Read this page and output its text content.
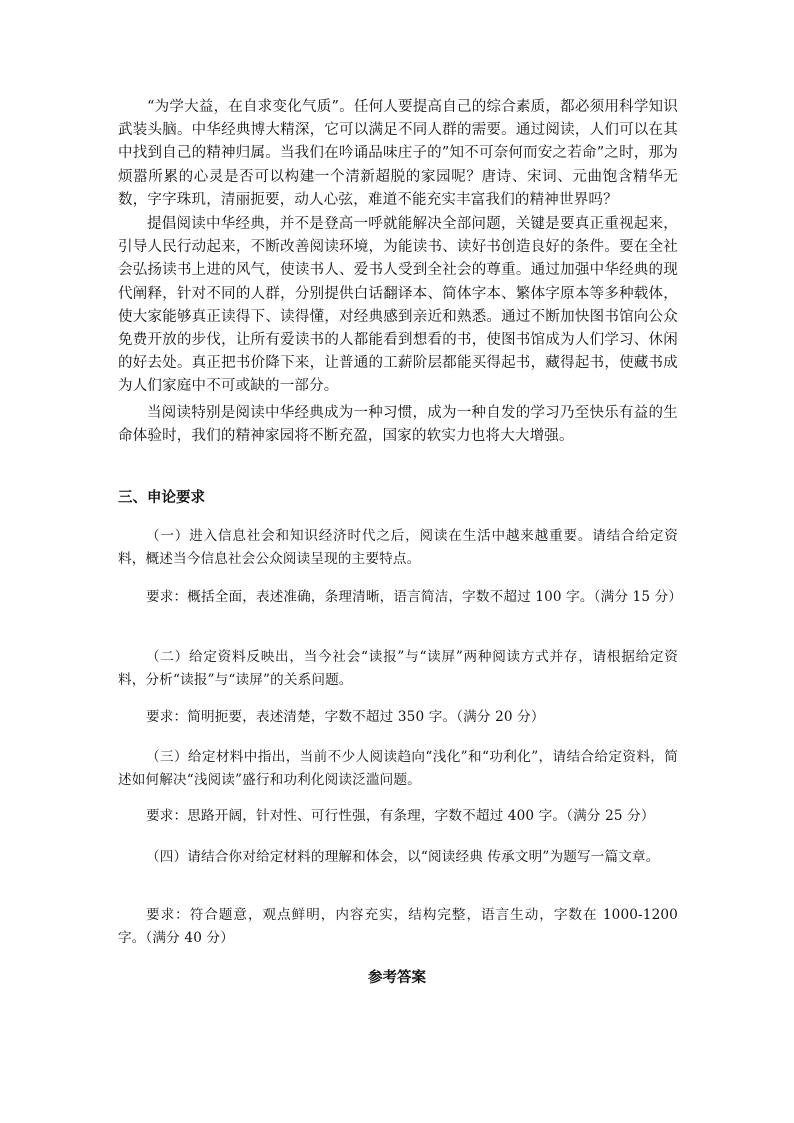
“为学大益，在自求变化气质”。任何人要提高自己的综合素质，都必须用科学知识武装头脑。中华经典博大精深，它可以满足不同人群的需要。通过阅读，人们可以在其中找到自己的精神归属。当我们在吟诵品味庄子的”知不可奈何而安之若命”之时，那为烦嚣所累的心灵是否可以构建一个清新超脱的家园呢？唐诗、宋词、元曲饱含精华无数，字字珠玑，清丽扼要，动人心弦，难道不能充实丰富我们的精神世界吗？

提倡阅读中华经典，并不是登高一呼就能解决全部问题，关键是要真正重视起来，引导人民行动起来，不断改善阅读环境，为能读书、读好书创造良好的条件。要在全社会弘扬读书上进的风气，使读书人、爱书人受到全社会的尊重。通过加强中华经典的现代阐释，针对不同的人群，分别提供白话翻译本、简体字本、繁体字原本等多种载体，使大家能够真正读得下、读得懂，对经典感到亲近和熟悉。通过不断加快图书馆向公众免费开放的步伐，让所有爱读书的人都能看到想看的书，使图书馆成为人们学习、休闲的好去处。真正把书价降下来，让普通的工薪阶层都能买得起书，藏得起书，使藏书成为人们家庭中不可或缺的一部分。

当阅读特别是阅读中华经典成为一种习惯，成为一种自发的学习乃至快乐有益的生命体验时，我们的精神家园将不断充盈，国家的软实力也将大大增强。

三、申论要求

（一）进入信息社会和知识经济时代之后，阅读在生活中越来越重要。请结合给定资料，概述当今信息社会公众阅读呈现的主要特点。

要求：概括全面，表述准确，条理清晰，语言简洁，字数不超过 100 字。（满分 15 分）

（二）给定资料反映出，当今社会“读报”与“读屏”两种阅读方式并存，请根据给定资料，分析“读报”与“读屏”的关系问题。

要求：简明扼要，表述清楚，字数不超过 350 字。（满分 20 分）

（三）给定材料中指出，当前不少人阅读趋向“浅化”和“功利化”，请结合给定资料，简述如何解决“浅阅读”盛行和功利化阅读泛滥问题。

要求：思路开阔，针对性、可行性强，有条理，字数不超过 400 字。（满分 25 分）

（四）请结合你对给定材料的理解和体会，以“阅读经典 传承文明”为题写一篇文章。

要求：符合题意，观点鲜明，内容充实，结构完整，语言生动，字数在 1000-1200 字。（满分 40 分）

参考答案
